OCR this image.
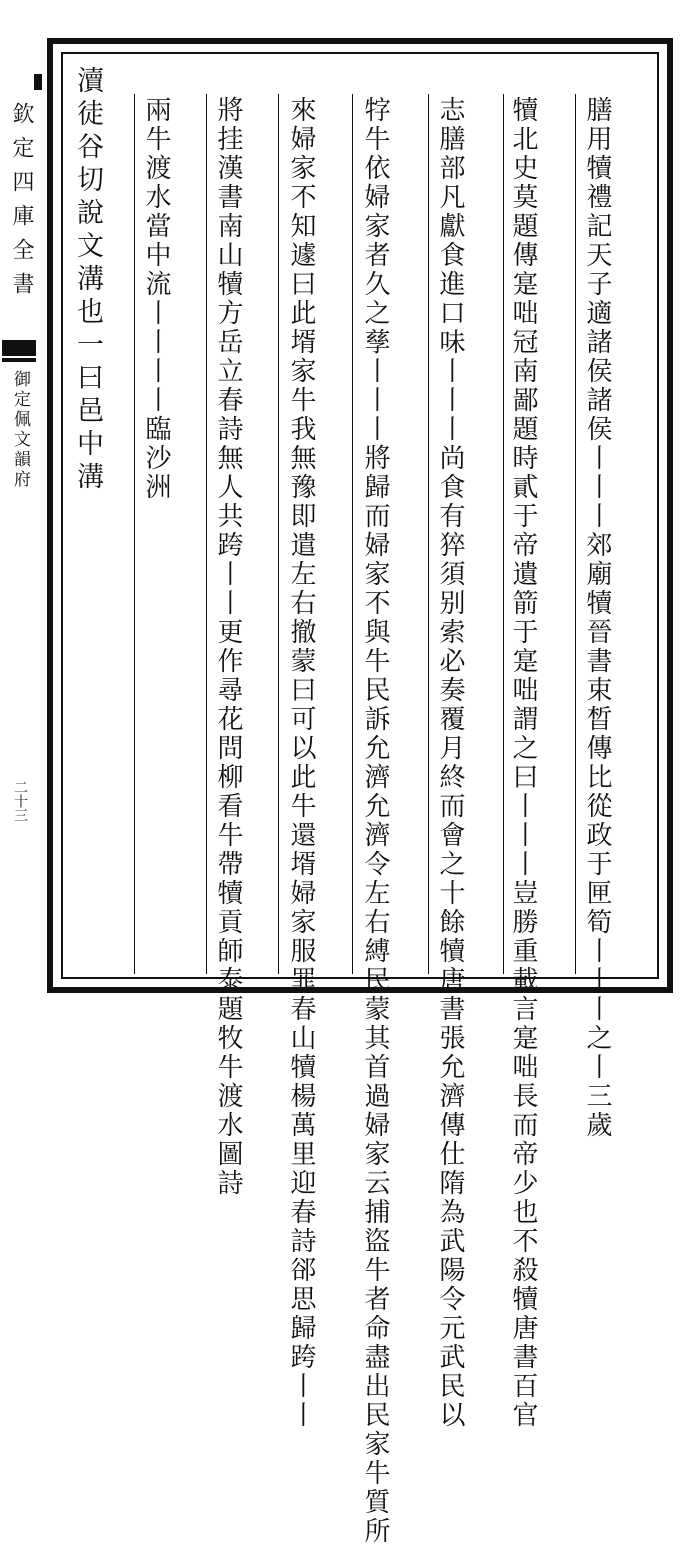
欽定四庫全書
御定佩文韻府
二十三	膳用犢禮記天子適諸侯諸侯丨丨丨郊廟犢晉書束晳傳比從政于匣筍丨丨丨之丨三歲
犢北史莫題傳寔咄冠南鄙題時貳于帝遺箭于寔咄謂之曰丨丨丨豈勝重載言寔咄長而帝少也不殺犢唐書百官
志膳部凡獻食進口味丨丨丨尚食有猝須别索必奏覆月終而會之十餘犢唐書張允濟傳仕隋為武陽令元武民以
牸牛依婦家者久之孳丨丨丨將歸而婦家不與牛民訴允濟允濟令左右縛民蒙其首過婦家云捕盜牛者命盡出民家牛質所
來婦家不知遽曰此壻家牛我無豫即遣左右撤蒙曰可以此牛還壻婦家服罪春山犢楊萬里迎春詩郤思歸跨丨丨
將挂漢書南山犢方岳立春詩無人共跨丨丨更作尋花問柳看牛帶犢貢師泰題牧牛渡水圖詩
兩牛渡水當中流丨丨丨丨臨沙洲
瀆徒谷切說文溝也一曰邑中溝
